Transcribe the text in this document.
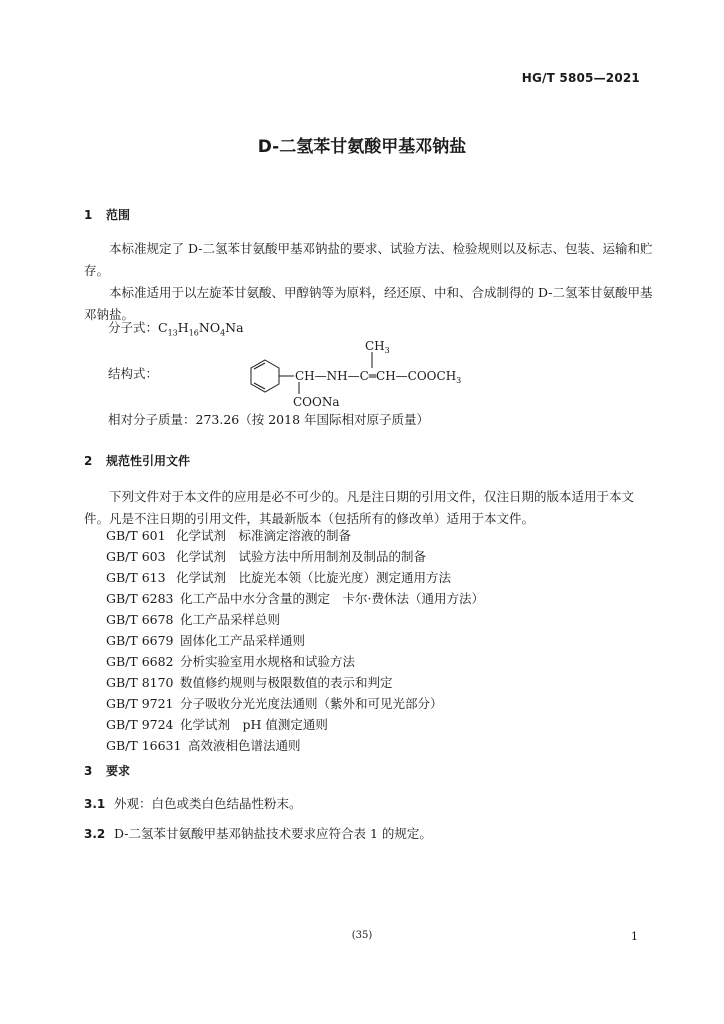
HG/T 5805—2021
D-二氢苯甘氨酸甲基邓钠盐
1 范围
本标准规定了 D-二氢苯甘氨酸甲基邓钠盐的要求、试验方法、检验规则以及标志、包装、运输和贮存。
本标准适用于以左旋苯甘氨酸、甲醇钠等为原料，经还原、中和、合成制得的 D-二氢苯甘氨酸甲基邓钠盐。
分子式：$C_{13}H_{16}NO_4Na$
结构式：
$CH_3$
$CH—NH—C═CH—COOCH_3$
COONa
相对分子质量：273.26（按 2018 年国际相对原子质量）
2 规范性引用文件
下列文件对于本文件的应用是必不可少的。凡是注日期的引用文件，仅注日期的版本适用于本文件。凡是不注日期的引用文件，其最新版本（包括所有的修改单）适用于本文件。
GB/T 601 化学试剂　标准滴定溶液的制备
GB/T 603 化学试剂　试验方法中所用制剂及制品的制备
GB/T 613 化学试剂　比旋光本领（比旋光度）测定通用方法
GB/T 6283 化工产品中水分含量的测定　卡尔·费休法（通用方法）
GB/T 6678 化工产品采样总则
GB/T 6679 固体化工产品采样通则
GB/T 6682 分析实验室用水规格和试验方法
GB/T 8170 数值修约规则与极限数值的表示和判定
GB/T 9721 分子吸收分光光度法通则（紫外和可见光部分）
GB/T 9724 化学试剂　pH 值测定通则
GB/T 16631 高效液相色谱法通则
3 要求
3.1 外观：白色或类白色结晶性粉末。
3.2 D-二氢苯甘氨酸甲基邓钠盐技术要求应符合表 1 的规定。
(35)	1
